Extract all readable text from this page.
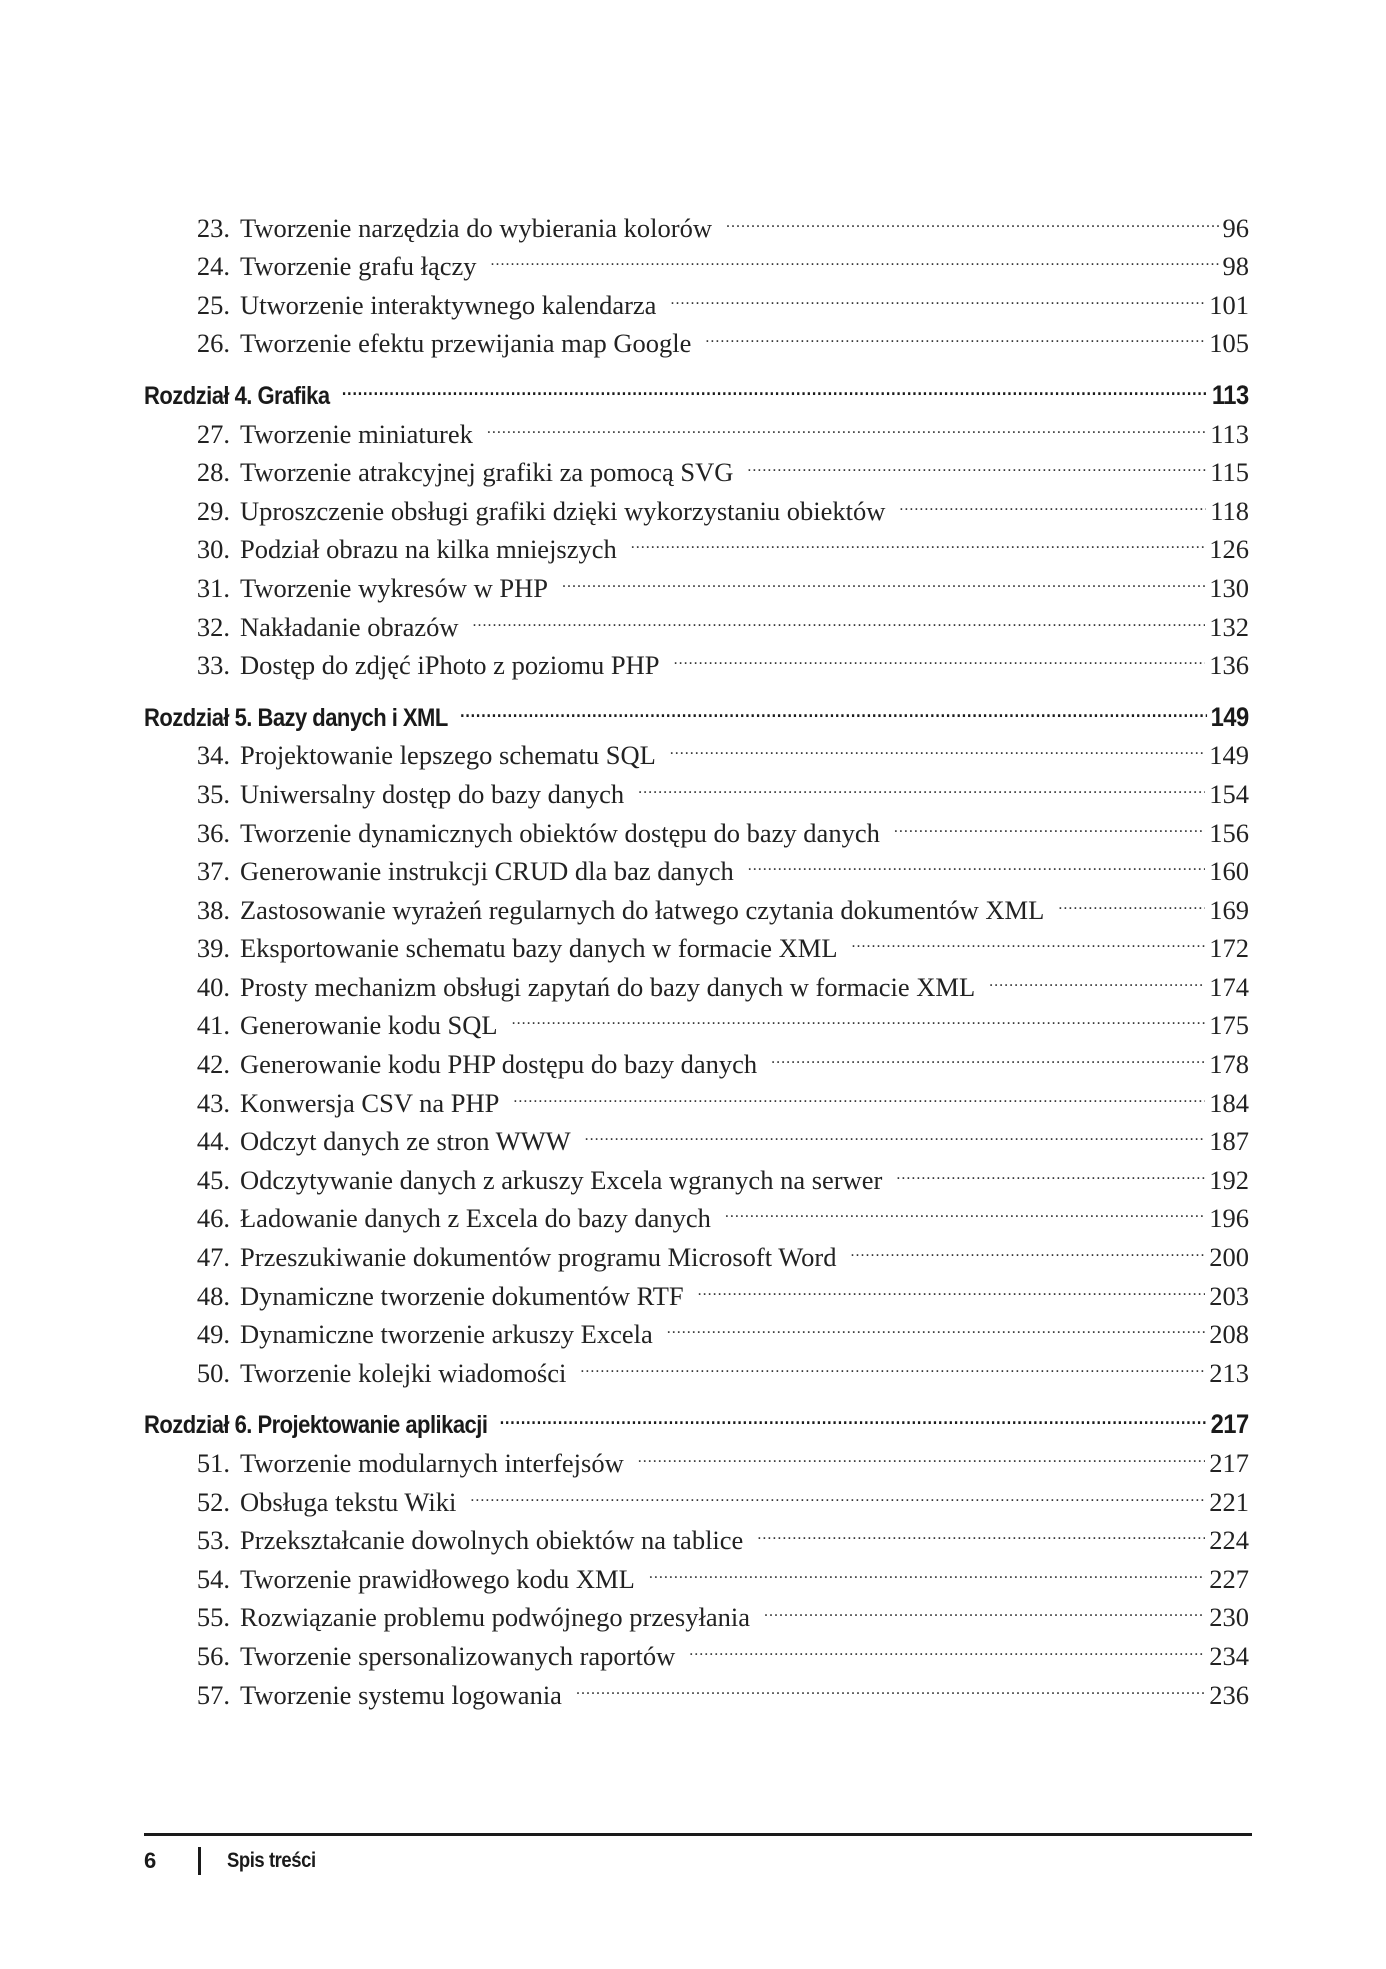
23. Tworzenie narzędzia do wybierania kolorów .....	96
24. Tworzenie grafu łączy .....	98
25. Utworzenie interaktywnego kalendarza .....	101
26. Tworzenie efektu przewijania map Google .....	105
Rozdział 4. Grafika .....	113
27. Tworzenie miniaturek .....	113
28. Tworzenie atrakcyjnej grafiki za pomocą SVG .....	115
29. Uproszczenie obsługi grafiki dzięki wykorzystaniu obiektów .....	118
30. Podział obrazu na kilka mniejszych .....	126
31. Tworzenie wykresów w PHP .....	130
32. Nakładanie obrazów .....	132
33. Dostęp do zdjęć iPhoto z poziomu PHP .....	136
Rozdział 5. Bazy danych i XML .....	149
34. Projektowanie lepszego schematu SQL .....	149
35. Uniwersalny dostęp do bazy danych .....	154
36. Tworzenie dynamicznych obiektów dostępu do bazy danych .....	156
37. Generowanie instrukcji CRUD dla baz danych .....	160
38. Zastosowanie wyrażeń regularnych do łatwego czytania dokumentów XML .....	169
39. Eksportowanie schematu bazy danych w formacie XML .....	172
40. Prosty mechanizm obsługi zapytań do bazy danych w formacie XML .....	174
41. Generowanie kodu SQL .....	175
42. Generowanie kodu PHP dostępu do bazy danych .....	178
43. Konwersja CSV na PHP .....	184
44. Odczyt danych ze stron WWW .....	187
45. Odczytywanie danych z arkuszy Excela wgranych na serwer .....	192
46. Ładowanie danych z Excela do bazy danych .....	196
47. Przeszukiwanie dokumentów programu Microsoft Word .....	200
48. Dynamiczne tworzenie dokumentów RTF .....	203
49. Dynamiczne tworzenie arkuszy Excela .....	208
50. Tworzenie kolejki wiadomości .....	213
Rozdział 6. Projektowanie aplikacji .....	217
51. Tworzenie modularnych interfejsów .....	217
52. Obsługa tekstu Wiki .....	221
53. Przekształcanie dowolnych obiektów na tablice .....	224
54. Tworzenie prawidłowego kodu XML .....	227
55. Rozwiązanie problemu podwójnego przesyłania .....	230
56. Tworzenie spersonalizowanych raportów .....	234
57. Tworzenie systemu logowania .....	236
6	Spis treści
